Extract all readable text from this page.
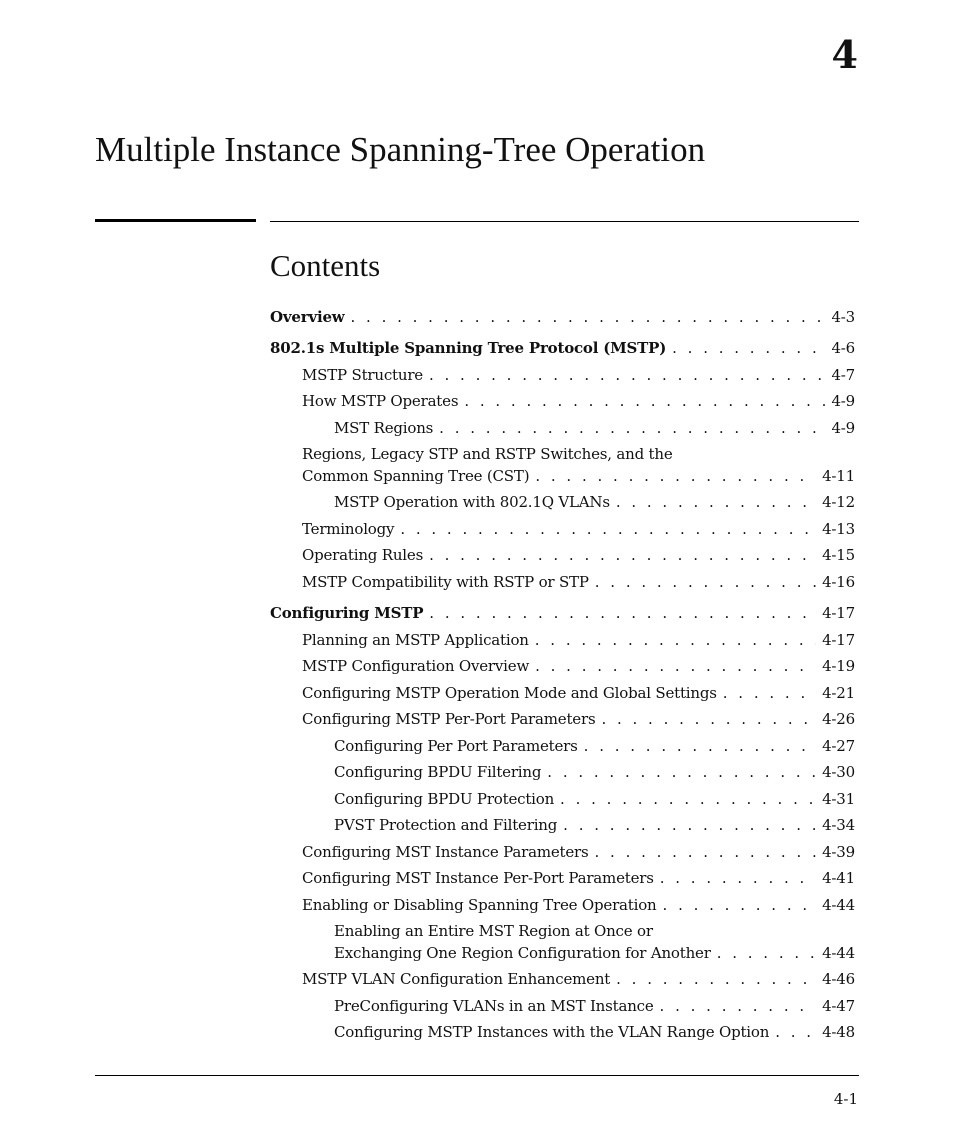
4
Multiple Instance Spanning-Tree Operation
Contents
Overview . . .	4-3
802.1s Multiple Spanning Tree Protocol (MSTP) . . .	4-6
MSTP Structure . . .	4-7
How MSTP Operates . . .	4-9
MST Regions . . .	4-9
Regions, Legacy STP and RSTP Switches, and the
Common Spanning Tree (CST) . . .	4-11
MSTP Operation with 802.1Q VLANs . . .	4-12
Terminology . . .	4-13
Operating Rules . . .	4-15
MSTP Compatibility with RSTP or STP . . .	4-16
Configuring MSTP . . .	4-17
Planning an MSTP Application . . .	4-17
MSTP Configuration Overview . . .	4-19
Configuring MSTP Operation Mode and Global Settings . . .	4-21
Configuring MSTP Per-Port Parameters . . .	4-26
Configuring Per Port Parameters . . .	4-27
Configuring BPDU Filtering . . .	4-30
Configuring BPDU Protection . . .	4-31
PVST Protection and Filtering . . .	4-34
Configuring MST Instance Parameters . . .	4-39
Configuring MST Instance Per-Port Parameters . . .	4-41
Enabling or Disabling Spanning Tree Operation . . .	4-44
Enabling an Entire MST Region at Once or
Exchanging One Region Configuration for Another . . .	4-44
MSTP VLAN Configuration Enhancement . . .	4-46
PreConfiguring VLANs in an MST Instance . . .	4-47
Configuring MSTP Instances with the VLAN Range Option . . .	4-48
4-1
